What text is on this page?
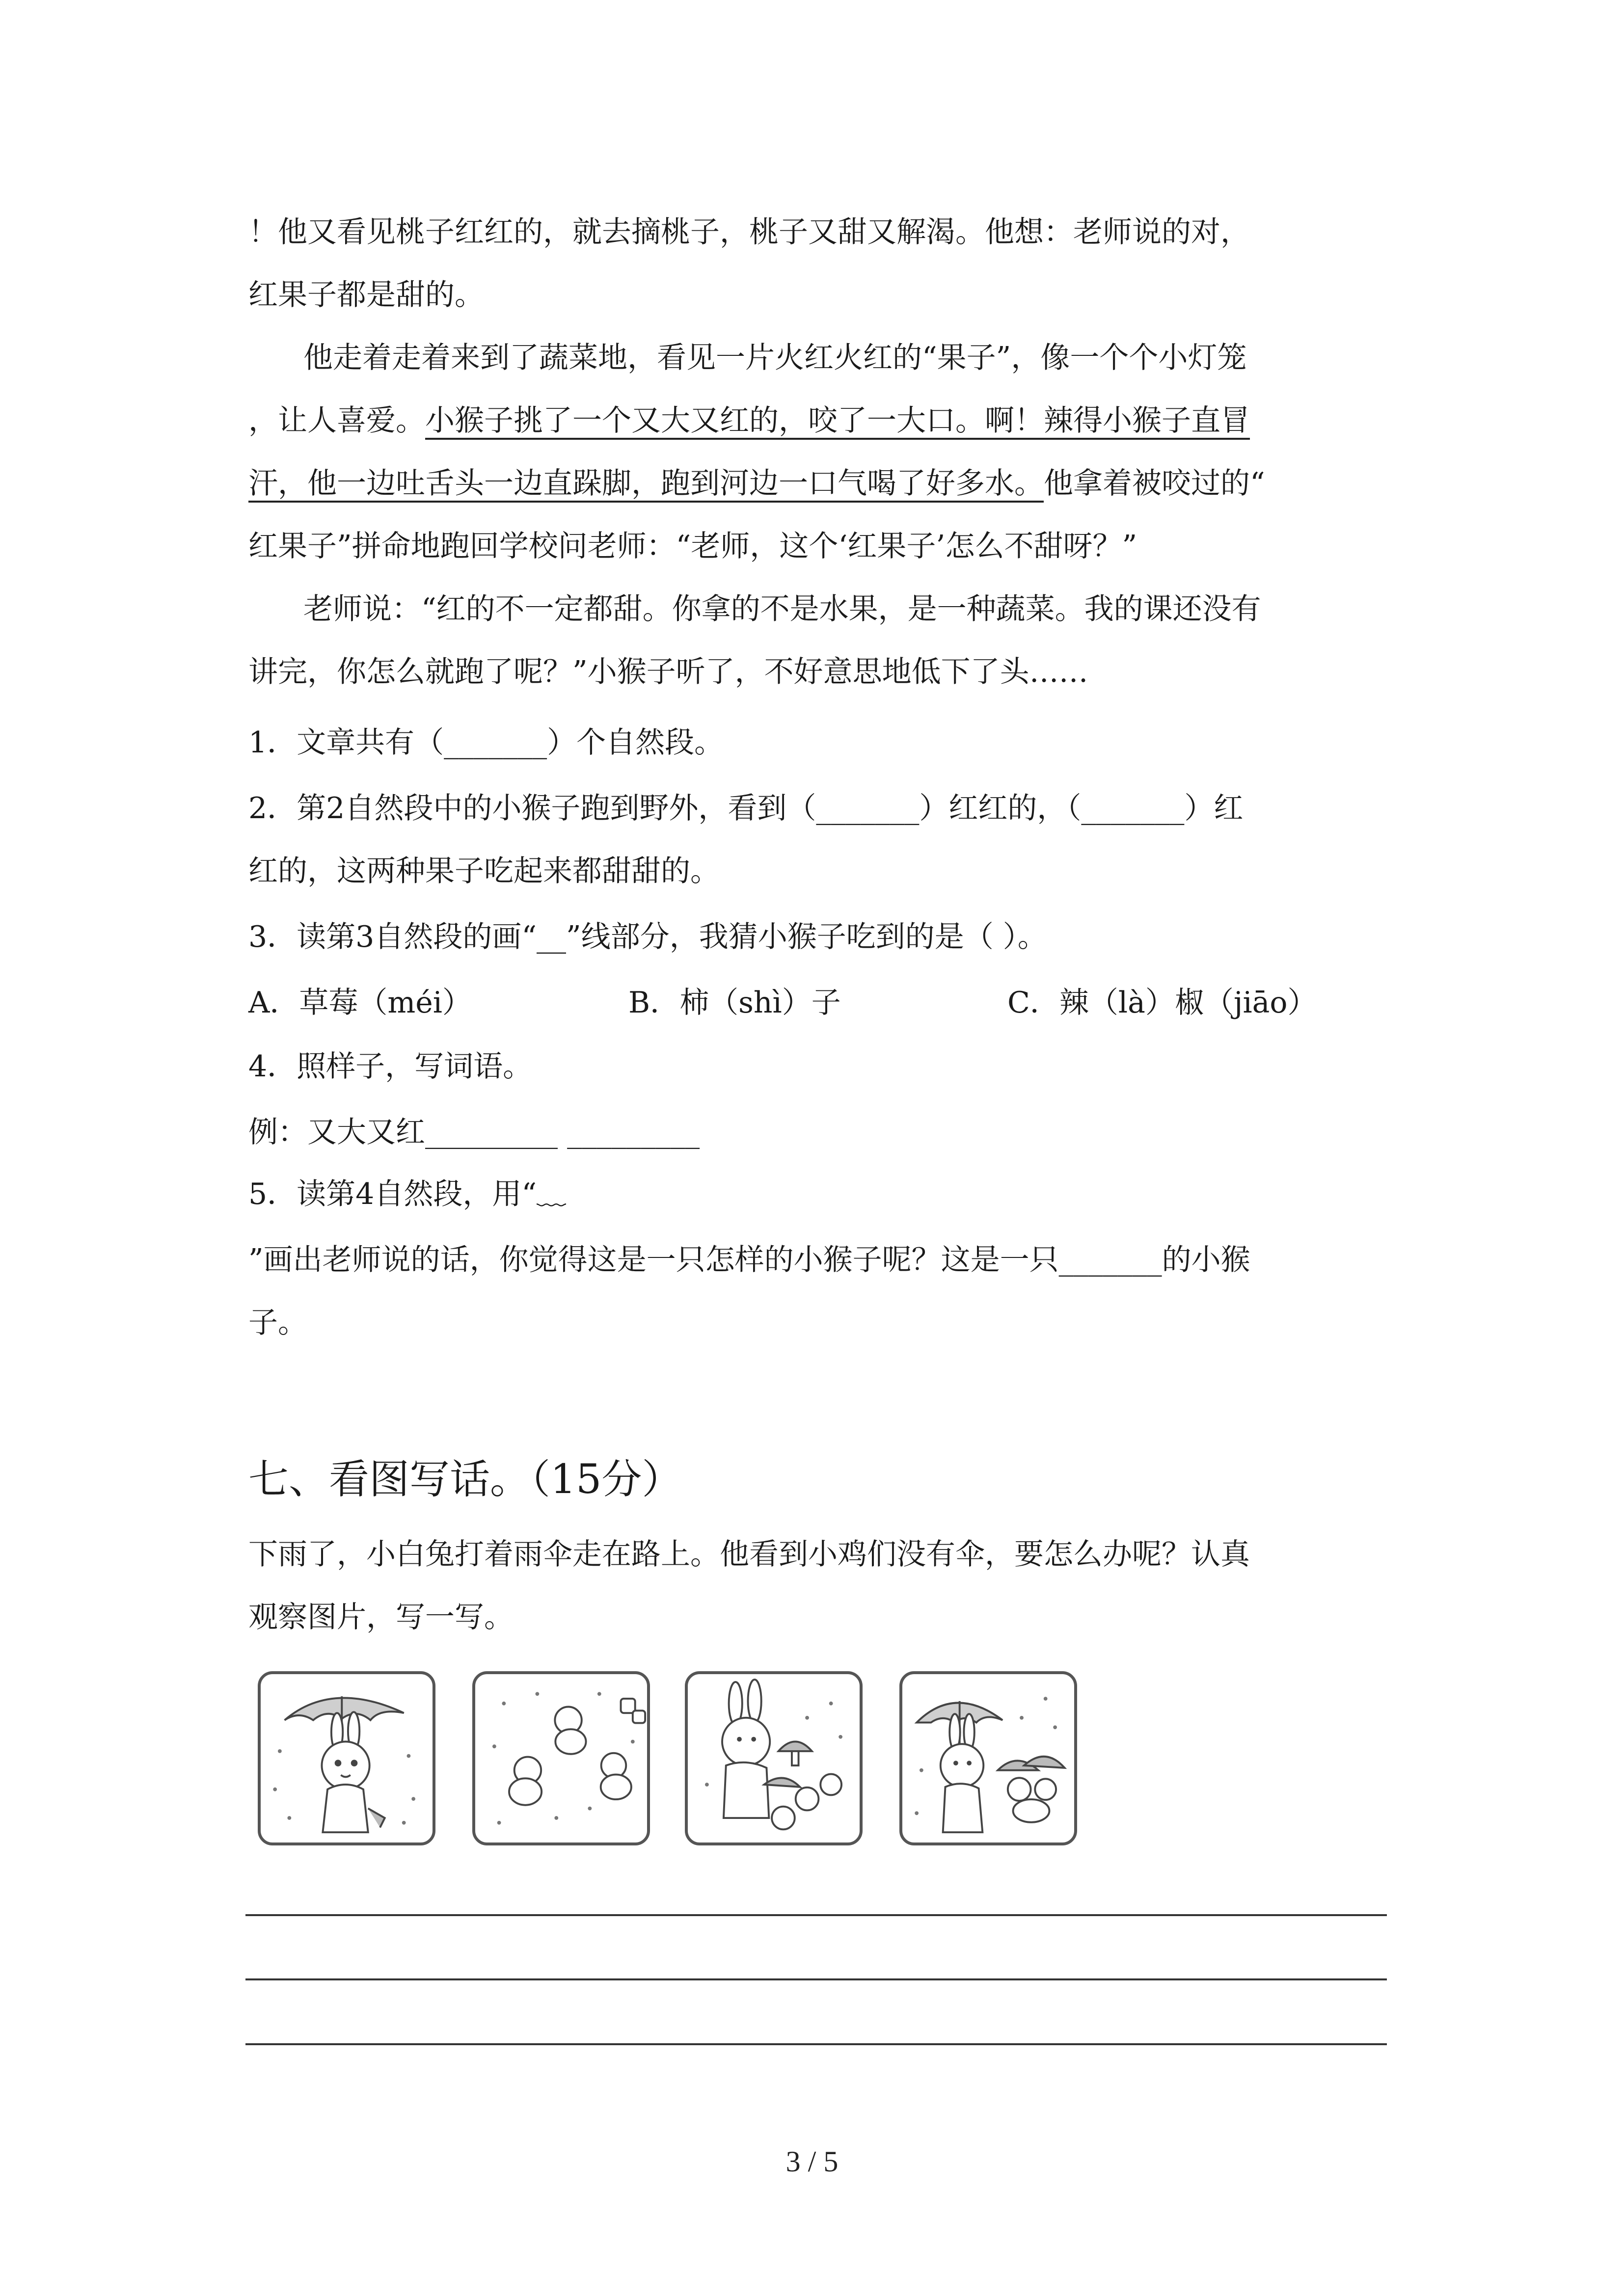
！他又看见桃子红红的，就去摘桃子，桃子又甜又解渴。他想：老师说的对，
红果子都是甜的。
他走着走着来到了蔬菜地，看见一片火红火红的“果子”，像一个个小灯笼
，让人喜爱。小猴子挑了一个又大又红的，咬了一大口。啊！辣得小猴子直冒
汗，他一边吐舌头一边直跺脚，跑到河边一口气喝了好多水。他拿着被咬过的“
红果子”拼命地跑回学校问老师：“老师，这个‘红果子’怎么不甜呀？”
老师说：“红的不一定都甜。你拿的不是水果，是一种蔬菜。我的课还没有
讲完，你怎么就跑了呢？”小猴子听了，不好意思地低下了头……
1．文章共有（_______）个自然段。
2．第2自然段中的小猴子跑到野外，看到（_______）红红的，（_______）红
红的，这两种果子吃起来都甜甜的。
3．读第3自然段的画“__”线部分，我猜小猴子吃到的是（ ）。
A．草莓（méi）	B．柿（shì）子	C．辣（là）椒（jiāo）
4．照样子，写词语。
例：又大又红_________ _________
5．读第4自然段，用“﹏
”画出老师说的话，你觉得这是一只怎样的小猴子呢？这是一只_______的小猴
子。
七、看图写话。（15分）
下雨了，小白兔打着雨伞走在路上。他看到小鸡们没有伞，要怎么办呢？认真
观察图片，写一写。
3 / 5
